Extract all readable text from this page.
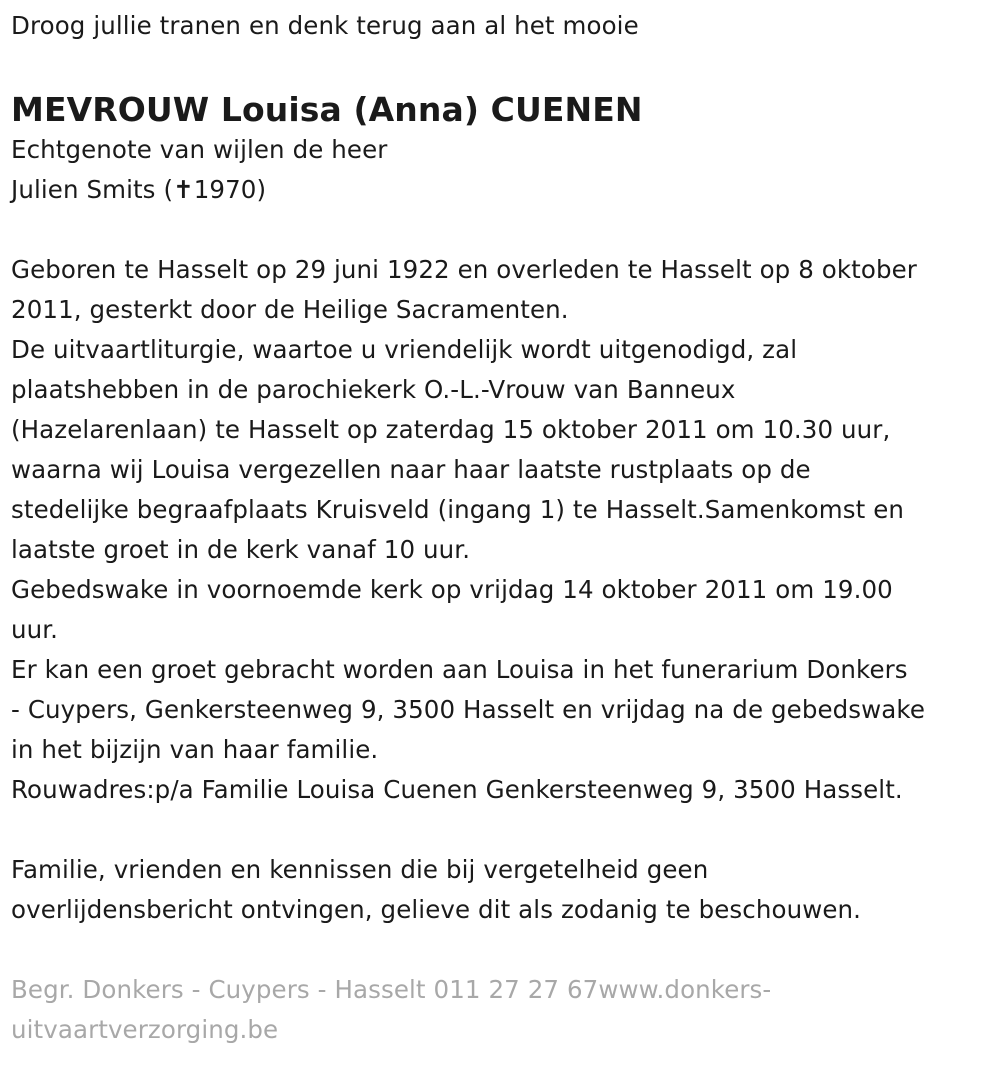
Droog jullie tranen en denk terug aan al het mooie

MEVROUW Louisa (Anna) CUENEN

Echtgenote van wijlen de heer

Julien Smits (✝1970)

Geboren te Hasselt op 29 juni 1922 en overleden te Hasselt op 8 oktober

2011, gesterkt door de Heilige Sacramenten.

De uitvaartliturgie, waartoe u vriendelijk wordt uitgenodigd, zal

plaatshebben in de parochiekerk O.-L.-Vrouw van Banneux

(Hazelarenlaan) te Hasselt op zaterdag 15 oktober 2011 om 10.30 uur,

waarna wij Louisa vergezellen naar haar laatste rustplaats op de

stedelijke begraafplaats Kruisveld (ingang 1) te Hasselt.Samenkomst en

laatste groet in de kerk vanaf 10 uur.

Gebedswake in voornoemde kerk op vrijdag 14 oktober 2011 om 19.00

uur.

Er kan een groet gebracht worden aan Louisa in het funerarium Donkers

- Cuypers, Genkersteenweg 9, 3500 Hasselt en vrijdag na de gebedswake

in het bijzijn van haar familie.

Rouwadres:p/a Familie Louisa Cuenen Genkersteenweg 9, 3500 Hasselt.

Familie, vrienden en kennissen die bij vergetelheid geen

overlijdensbericht ontvingen, gelieve dit als zodanig te beschouwen.

Begr. Donkers - Cuypers - Hasselt 011 27 27 67www.donkers-

uitvaartverzorging.be
